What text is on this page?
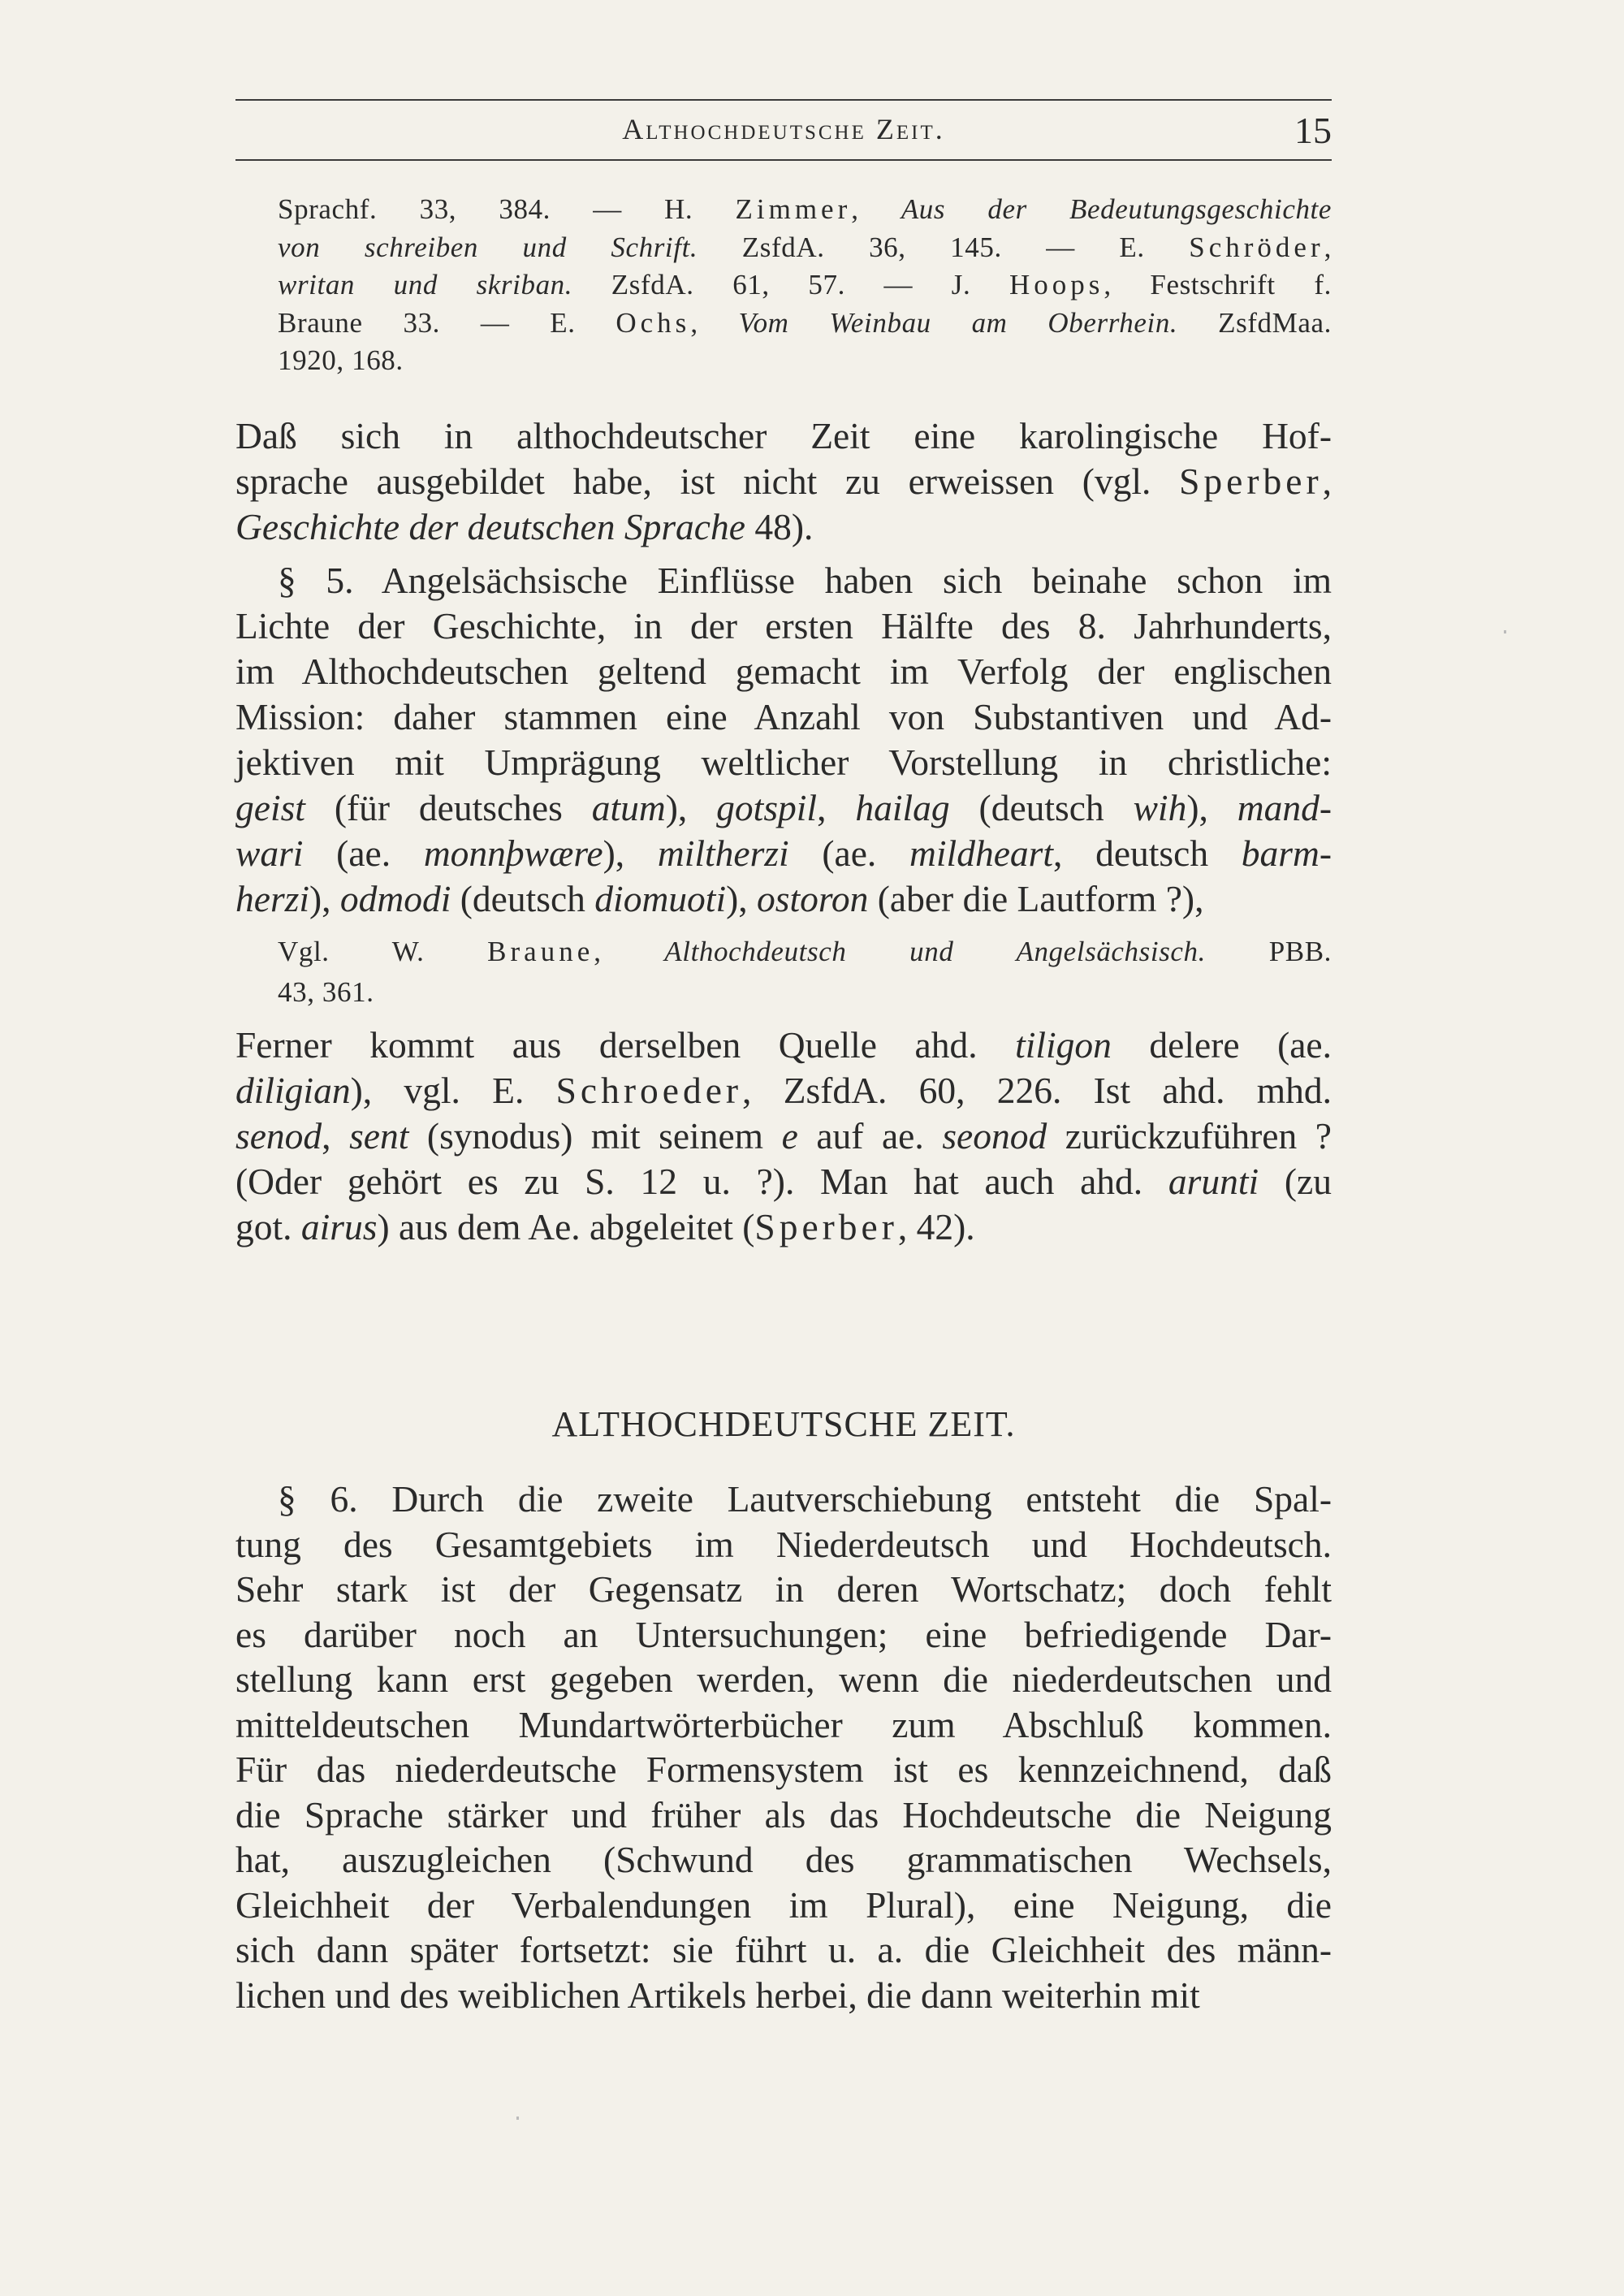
Althochdeutsche Zeit.	15
Sprachf. 33, 384. — H. Zimmer, Aus der Bedeutungsgeschichte
von schreiben und Schrift. ZsfdA. 36, 145. — E. Schröder,
writan und skriban. ZsfdA. 61, 57. — J. Hoops, Festschrift f.
Braune 33. — E. Ochs, Vom Weinbau am Oberrhein. ZsfdMaa.
1920, 168.
Daß sich in althochdeutscher Zeit eine karolingische Hof-
sprache ausgebildet habe, ist nicht zu erweissen (vgl. Sperber,
Geschichte der deutschen Sprache 48).
§ 5. Angelsächsische Einflüsse haben sich beinahe schon im
Lichte der Geschichte, in der ersten Hälfte des 8. Jahrhunderts,
im Althochdeutschen geltend gemacht im Verfolg der englischen
Mission: daher stammen eine Anzahl von Substantiven und Ad-
jektiven mit Umprägung weltlicher Vorstellung in christliche:
geist (für deutsches atum), gotspil, hailag (deutsch wih), mand-
wari (ae. monnþwære), miltherzi (ae. mildheart, deutsch barm-
herzi), odmodi (deutsch diomuoti), ostoron (aber die Lautform ?),
Vgl. W. Braune, Althochdeutsch und Angelsächsisch. PBB.
43, 361.
Ferner kommt aus derselben Quelle ahd. tiligon delere (ae.
diligian), vgl. E. Schroeder, ZsfdA. 60, 226. Ist ahd. mhd.
senod, sent (synodus) mit seinem e auf ae. seonod zurückzuführen ?
(Oder gehört es zu S. 12 u. ?). Man hat auch ahd. arunti (zu
got. airus) aus dem Ae. abgeleitet (Sperber, 42).
ALTHOCHDEUTSCHE ZEIT.
§ 6. Durch die zweite Lautverschiebung entsteht die Spal-
tung des Gesamtgebiets im Niederdeutsch und Hochdeutsch.
Sehr stark ist der Gegensatz in deren Wortschatz; doch fehlt
es darüber noch an Untersuchungen; eine befriedigende Dar-
stellung kann erst gegeben werden, wenn die niederdeutschen und
mitteldeutschen Mundartwörterbücher zum Abschluß kommen.
Für das niederdeutsche Formensystem ist es kennzeichnend, daß
die Sprache stärker und früher als das Hochdeutsche die Neigung
hat, auszugleichen (Schwund des grammatischen Wechsels,
Gleichheit der Verbalendungen im Plural), eine Neigung, die
sich dann später fortsetzt: sie führt u. a. die Gleichheit des männ-
lichen und des weiblichen Artikels herbei, die dann weiterhin mit
